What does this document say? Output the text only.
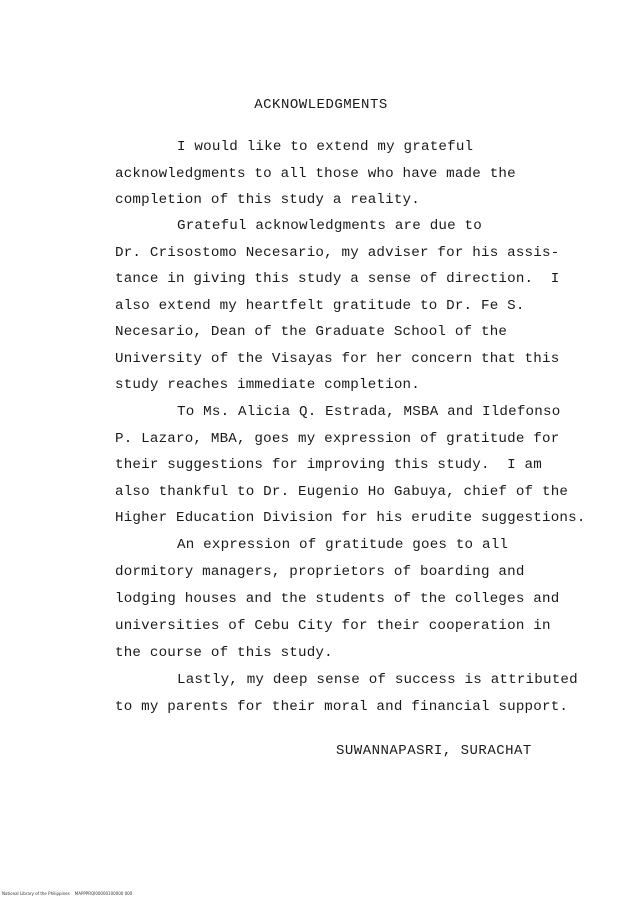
ACKNOWLEDGMENTS
I would like to extend my grateful
acknowledgments to all those who have made the
completion of this study a reality.
Grateful acknowledgments are due to
Dr. Crisostomo Necesario, my adviser for his assis-
tance in giving this study a sense of direction.  I
also extend my heartfelt gratitude to Dr. Fe S.
Necesario, Dean of the Graduate School of the
University of the Visayas for her concern that this
study reaches immediate completion.
To Ms. Alicia Q. Estrada, MSBA and Ildefonso
P. Lazaro, MBA, goes my expression of gratitude for
their suggestions for improving this study.  I am
also thankful to Dr. Eugenio Ho Gabuya, chief of the
Higher Education Division for his erudite suggestions.
An expression of gratitude goes to all
dormitory managers, proprietors of boarding and
lodging houses and the students of the colleges and
universities of Cebu City for their cooperation in
the course of this study.
Lastly, my deep sense of success is attributed
to my parents for their moral and financial support.
SUWANNAPASRI, SURACHAT
National Library of the Philippines    MAPPPRQI00000100000 000
